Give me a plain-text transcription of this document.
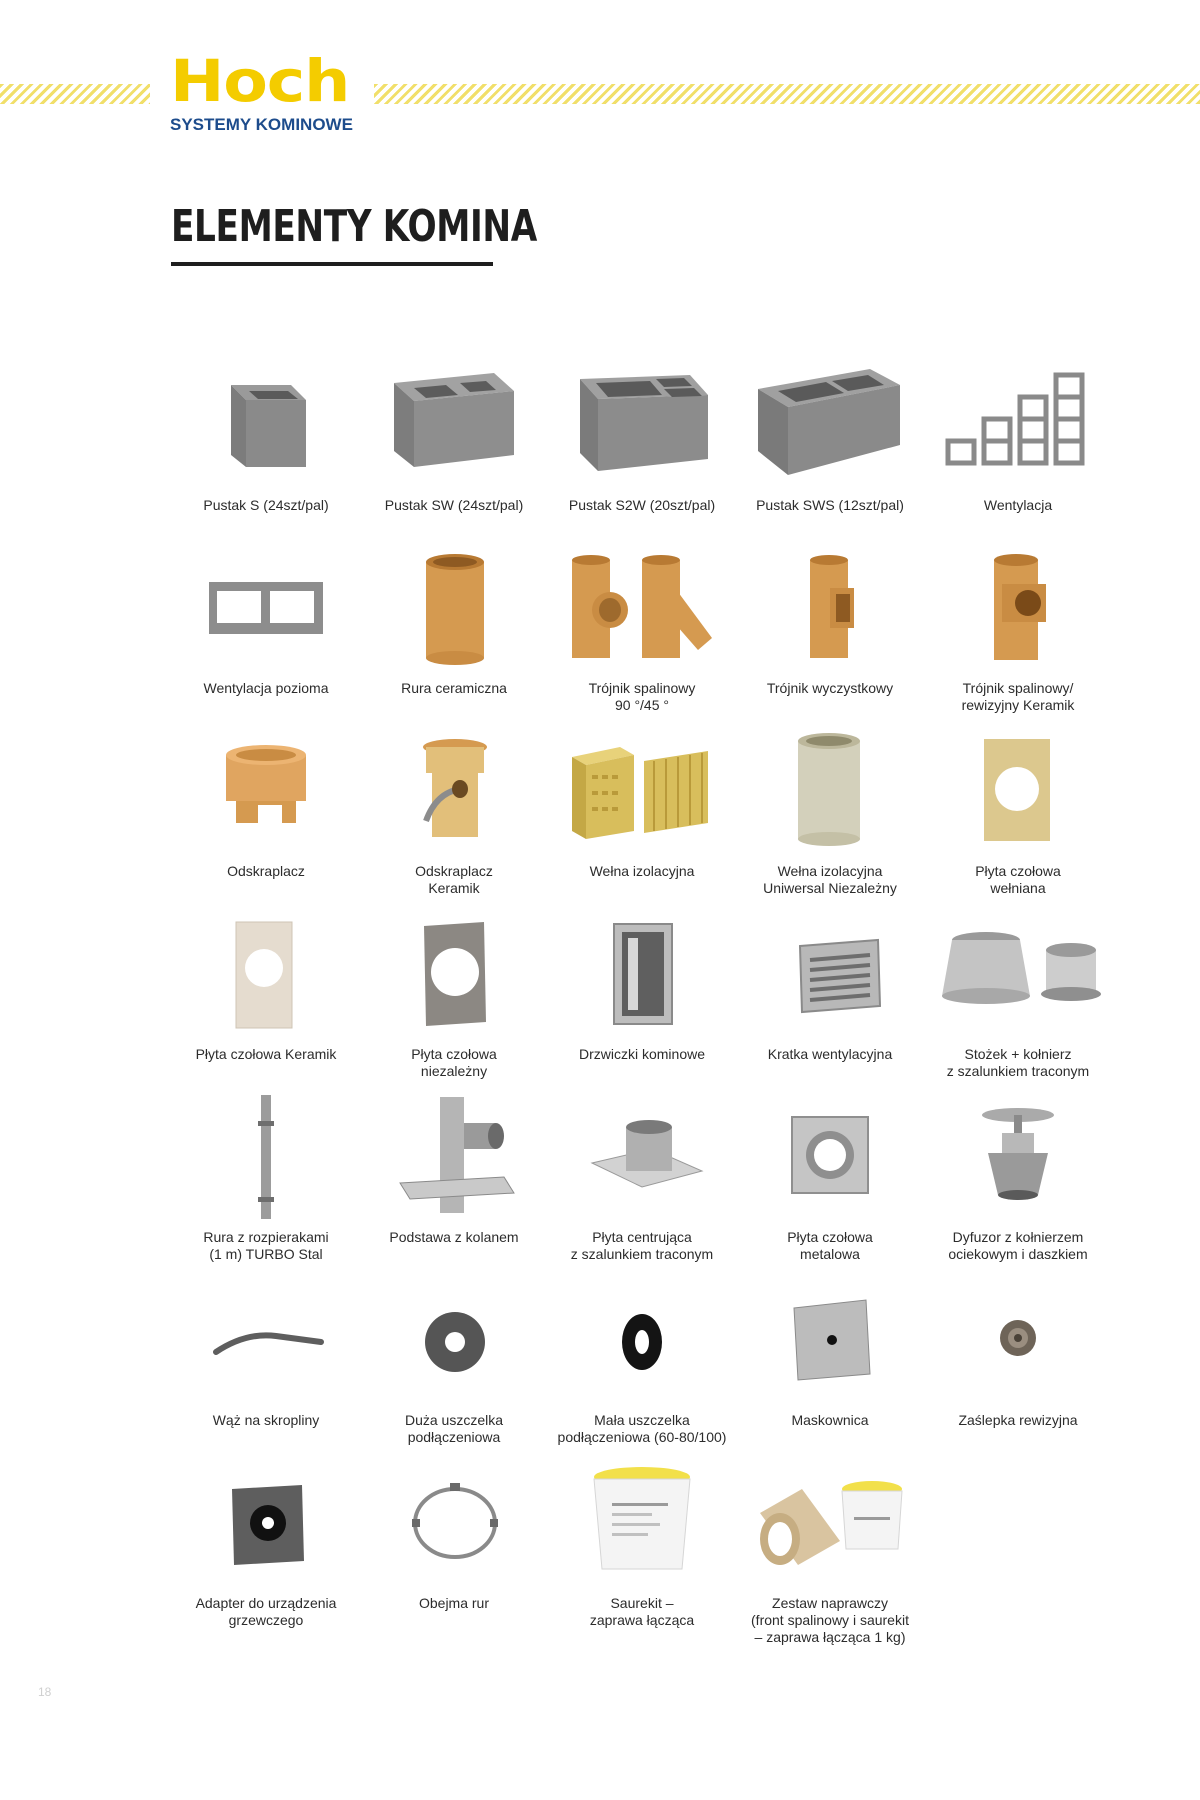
Hoch
SYSTEMY KOMINOWE
ELEMENTY KOMINA
Pustak S (24szt/pal)	Pustak SW (24szt/pal)	Pustak S2W (20szt/pal)	Pustak SWS (12szt/pal)	Wentylacja
Wentylacja pozioma	Rura ceramiczna	Trójnik spalinowy
90 °/45 °
Trójnik wyczystkowy	Trójnik spalinowy/
rewizyjny Keramik
Odskraplacz	Odskraplacz
Keramik
Wełna izolacyjna	Wełna izolacyjna
Uniwersal Niezależny
Płyta czołowa
wełniana
Płyta czołowa Keramik	Płyta czołowa
niezależny
Drzwiczki kominowe	Kratka wentylacyjna	Stożek + kołnierz
z szalunkiem traconym
Rura z rozpierakami
(1 m) TURBO Stal
Podstawa z kolanem	Płyta centrująca
z szalunkiem traconym
Płyta czołowa
metalowa
Dyfuzor z kołnierzem
ociekowym i daszkiem
Wąż na skropliny	Duża uszczelka
podłączeniowa
Mała uszczelka
podłączeniowa (60-80/100)
Maskownica	Zaślepka rewizyjna
Adapter do urządzenia
grzewczego
Obejma rur	Saurekit –
zaprawa łącząca
Zestaw naprawczy
(front spalinowy i saurekit
– zaprawa łącząca 1 kg)
18
